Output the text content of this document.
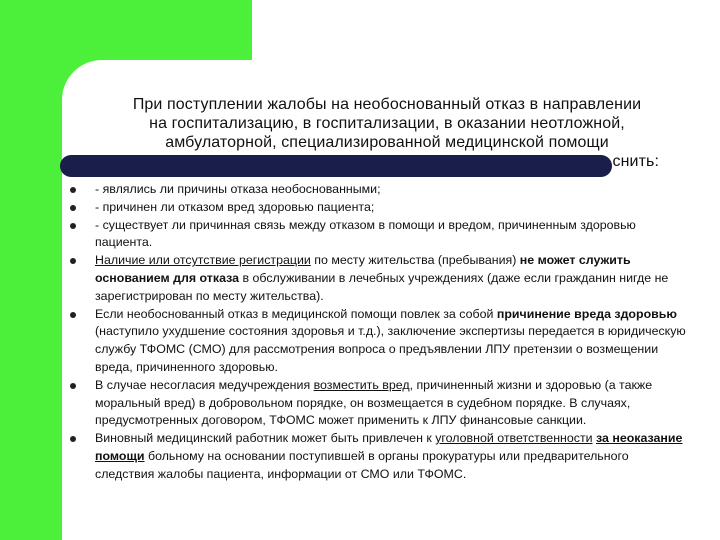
При поступлении жалобы на необоснованный отказ в направлении
на госпитализацию, в госпитализации, в оказании неотложной,
амбулаторной, специализированной медицинской помощи
снить:
- являлись ли причины отказа необоснованными;
- причинен ли отказом вред здоровью пациента;
- существует ли причинная связь между отказом в помощи и вредом, причиненным здоровью пациента.
Наличие или отсутствие регистрации по месту жительства (пребывания) не может служить основанием для отказа в обслуживании в лечебных учреждениях (даже если гражданин нигде не зарегистрирован по месту жительства).
Если необоснованный отказ в медицинской помощи повлек за собой причинение вреда здоровью (наступило ухудшение состояния здоровья и т.д.), заключение экспертизы передается в юридическую службу ТФОМС (СМО) для рассмотрения вопроса о предъявлении ЛПУ претензии о возмещении вреда, причиненного здоровью.
В случае несогласия медучреждения возместить вред, причиненный жизни и здоровью (а также моральный вред) в добровольном порядке, он возмещается в судебном порядке. В случаях, предусмотренных договором, ТФОМС может применить к ЛПУ финансовые санкции.
Виновный медицинский работник может быть привлечен к уголовной ответственности за неоказание помощи больному на основании поступившей в органы прокуратуры или предварительного следствия жалобы пациента, информации от СМО или ТФОМС.
